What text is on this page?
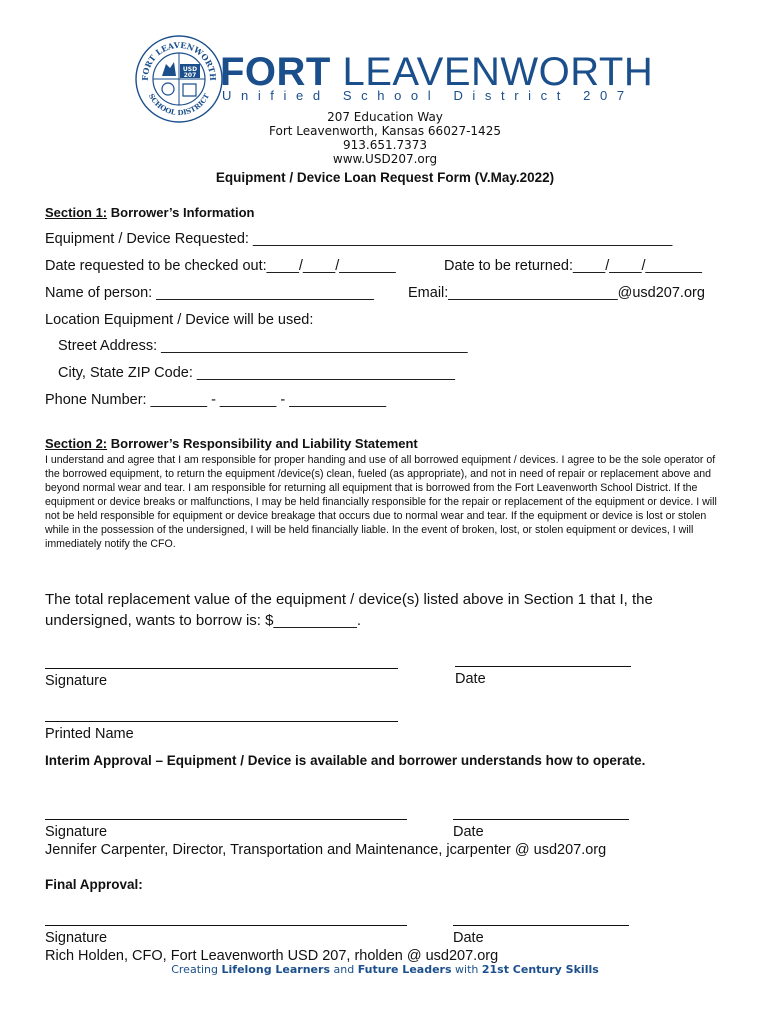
FORT LEAVENWORTH
SCHOOL DISTRICT
USD
207 FORT LEAVENWORTH
Unified School District 207
207 Education Way
Fort Leavenworth, Kansas 66027-1425
913.651.7373
www.USD207.org
Equipment / Device Loan Request Form (V.May.2022)
Section 1: Borrower’s Information
Equipment / Device Requested: ____________________________________________________
Date requested to be checked out:____/____/_______	Date to be returned:____/____/_______
Name of person: ___________________________ Email:_____________________@usd207.org
Location Equipment / Device will be used:
Street Address: ______________________________________
City, State ZIP Code: ________________________________
Phone Number: _______ - _______ - ____________
Section 2: Borrower’s Responsibility and Liability Statement
I understand and agree that I am responsible for proper handing and use of all borrowed equipment / devices. I agree to be the sole operator of the borrowed equipment, to return the equipment /device(s) clean, fueled (as appropriate), and not in need of repair or replacement above and beyond normal wear and tear. I am responsible for returning all equipment that is borrowed from the Fort Leavenworth School District. If the equipment or device breaks or malfunctions, I may be held financially responsible for the repair or replacement of the equipment or device. I will not be held responsible for equipment or device breakage that occurs due to normal wear and tear. If the equipment or device is lost or stolen while in the possession of the undersigned, I will be held financially liable. In the event of broken, lost, or stolen equipment or devices, I will immediately notify the CFO.
The total replacement value of the equipment / device(s) listed above in Section 1 that I, the undersigned, wants to borrow is: $__________.
Signature	Date
Printed Name
Interim Approval – Equipment / Device is available and borrower understands how to operate.
Signature	Date
Jennifer Carpenter, Director, Transportation and Maintenance, jcarpenter @ usd207.org
Final Approval:
Signature	Date
Rich Holden, CFO, Fort Leavenworth USD 207, rholden @ usd207.org
Creating Lifelong Learners and Future Leaders with 21st Century Skills
